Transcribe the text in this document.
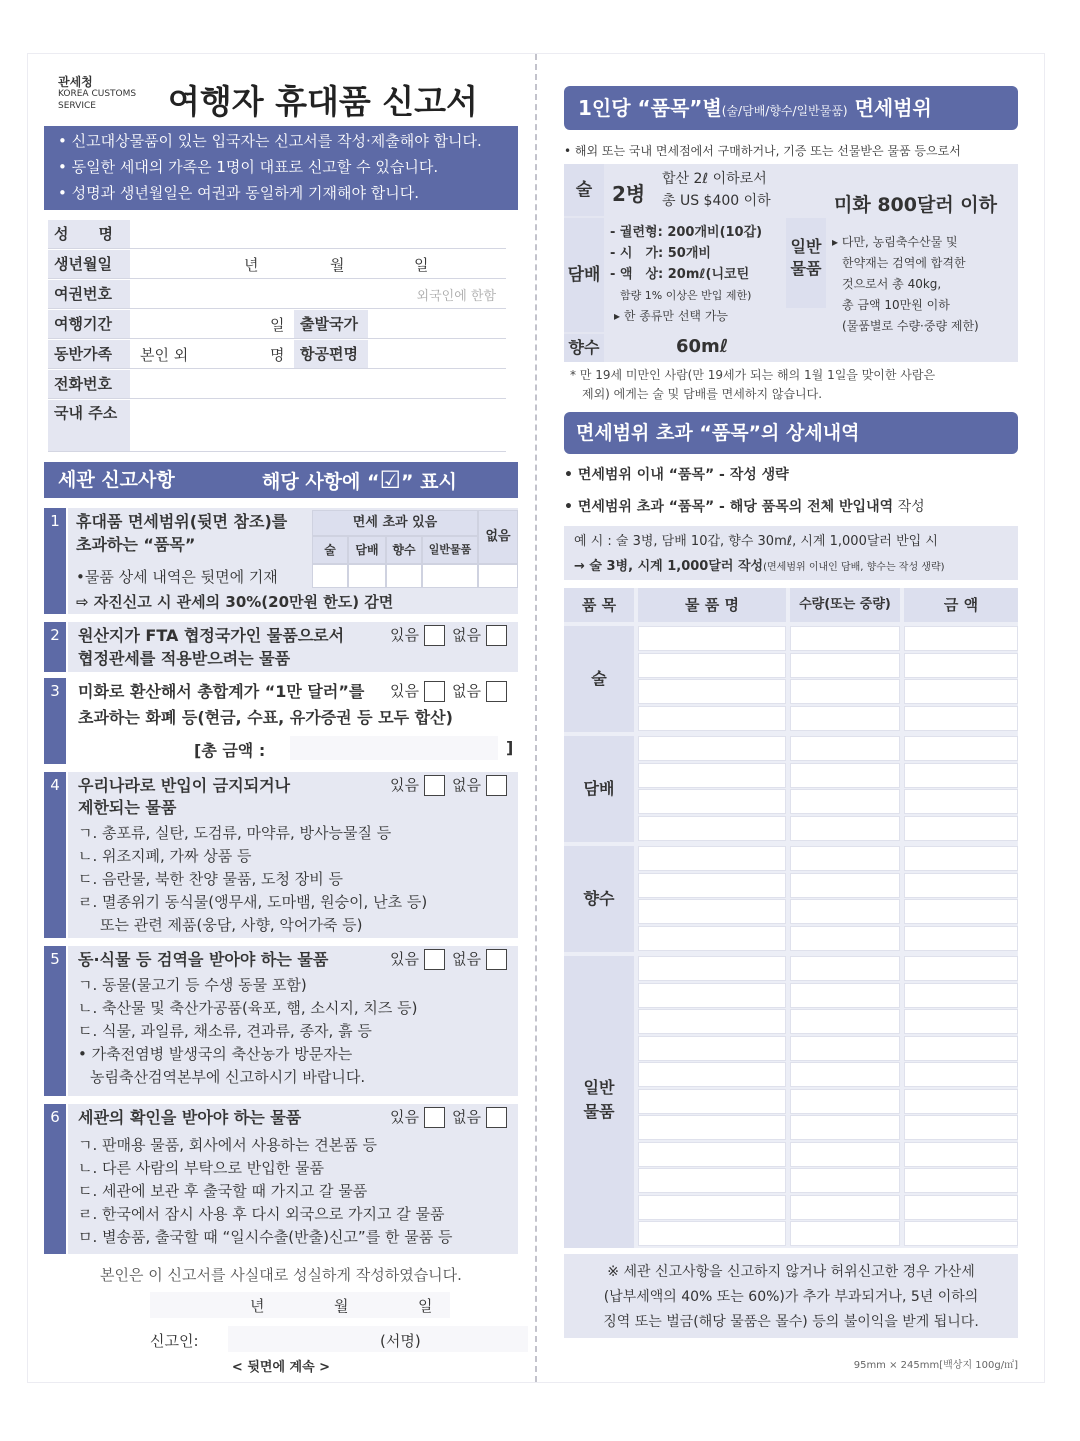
관세청
KOREA CUSTOMS
SERVICE	여행자 휴대품 신고서
• 신고대상물품이 있는 입국자는 신고서를 작성·제출해야 합니다.
• 동일한 세대의 가족은 1명이 대표로 신고할 수 있습니다.
• 성명과 생년월일은 여권과 동일하게 기재해야 합니다.
성　　명
생년월일	년	월	일
여권번호	외국인에 한함
여행기간	일	출발국가
동반가족	본인 외	명	항공편명
전화번호
국내 주소
세관 신고사항	해당 사항에 “☑” 표시
1	휴대품 면세범위(뒷면 참조)를
초과하는 “품목”
•물품 상세 내역은 뒷면에 기재
⇨ 자진신고 시 관세의 30%(20만원 한도) 감면
면세 초과 있음
없음
술	담배	향수	일반물품
2	원산지가 FTA 협정국가인 물품으로서
협정관세를 적용받으려는 물품
있음	없음
3	미화로 환산해서 총합계가 “1만 달러”를
초과하는 화폐 등(현금, 수표, 유가증권 등 모두 합산)
있음	없음
[총 금액 :	]
4	우리나라로 반입이 금지되거나
제한되는 물품
있음	없음
ㄱ. 총포류, 실탄, 도검류, 마약류, 방사능물질 등
ㄴ. 위조지폐, 가짜 상품 등
ㄷ. 음란물, 북한 찬양 물품, 도청 장비 등
ㄹ. 멸종위기 동식물(앵무새, 도마뱀, 원숭이, 난초 등)
또는 관련 제품(웅담, 사향, 악어가죽 등)
5	동·식물 등 검역을 받아야 하는 물품	있음	없음
ㄱ. 동물(물고기 등 수생 동물 포함)
ㄴ. 축산물 및 축산가공품(육포, 햄, 소시지, 치즈 등)
ㄷ. 식물, 과일류, 채소류, 견과류, 종자, 흙 등
• 가축전염병 발생국의 축산농가 방문자는
농림축산검역본부에 신고하시기 바랍니다.
6	세관의 확인을 받아야 하는 물품	있음	없음
ㄱ. 판매용 물품, 회사에서 사용하는 견본품 등
ㄴ. 다른 사람의 부탁으로 반입한 물품
ㄷ. 세관에 보관 후 출국할 때 가지고 갈 물품
ㄹ. 한국에서 잠시 사용 후 다시 외국으로 가지고 갈 물품
ㅁ. 별송품, 출국할 때 “일시수출(반출)신고”를 한 물품 등
본인은 이 신고서를 사실대로 성실하게 작성하였습니다.
년	월	일
신고인:	(서명)
< 뒷면에 계속 >
1인당 “품목”별(술/담배/향수/일반물품) 면세범위
• 해외 또는 국내 면세점에서 구매하거나, 기증 또는 선물받은 물품 등으로서
술 2병
합산 2ℓ 이하로서
총 US $400 이하
담배
- 궐련형: 200개비(10갑)
- 시　가: 50개비
- 액　상: 20mℓ(니코틴
함량 1% 이상은 반입 제한)
▸ 한 종류만 선택 가능
향수	60mℓ
일반
물품
미화 800달러 이하
▸ 다만, 농림축수산물 및
한약재는 검역에 합격한
것으로서 총 40kg,
총 금액 10만원 이하
(물품별로 수량·중량 제한)
* 만 19세 미만인 사람(만 19세가 되는 해의 1월 1일을 맞이한 사람은
제외) 에게는 술 및 담배를 면세하지 않습니다.
면세범위 초과 “품목”의 상세내역
• 면세범위 이내 “품목” - 작성 생략
• 면세범위 초과 “품목” - 해당 품목의 전체 반입내역 작성
예 시 : 술 3병, 담배 10갑, 향수 30mℓ, 시계 1,000달러 반입 시
→ 술 3병, 시계 1,000달러 작성(면세범위 이내인 담배, 향수는 작성 생략)
품 목	물 품 명	수량(또는 중량)	금 액
술
담배
향수
일반
물품
※ 세관 신고사항을 신고하지 않거나 허위신고한 경우 가산세
(납부세액의 40% 또는 60%)가 추가 부과되거나, 5년 이하의
징역 또는 벌금(해당 물품은 몰수) 등의 불이익을 받게 됩니다.
95mm × 245mm[백상지 100g/㎡]
